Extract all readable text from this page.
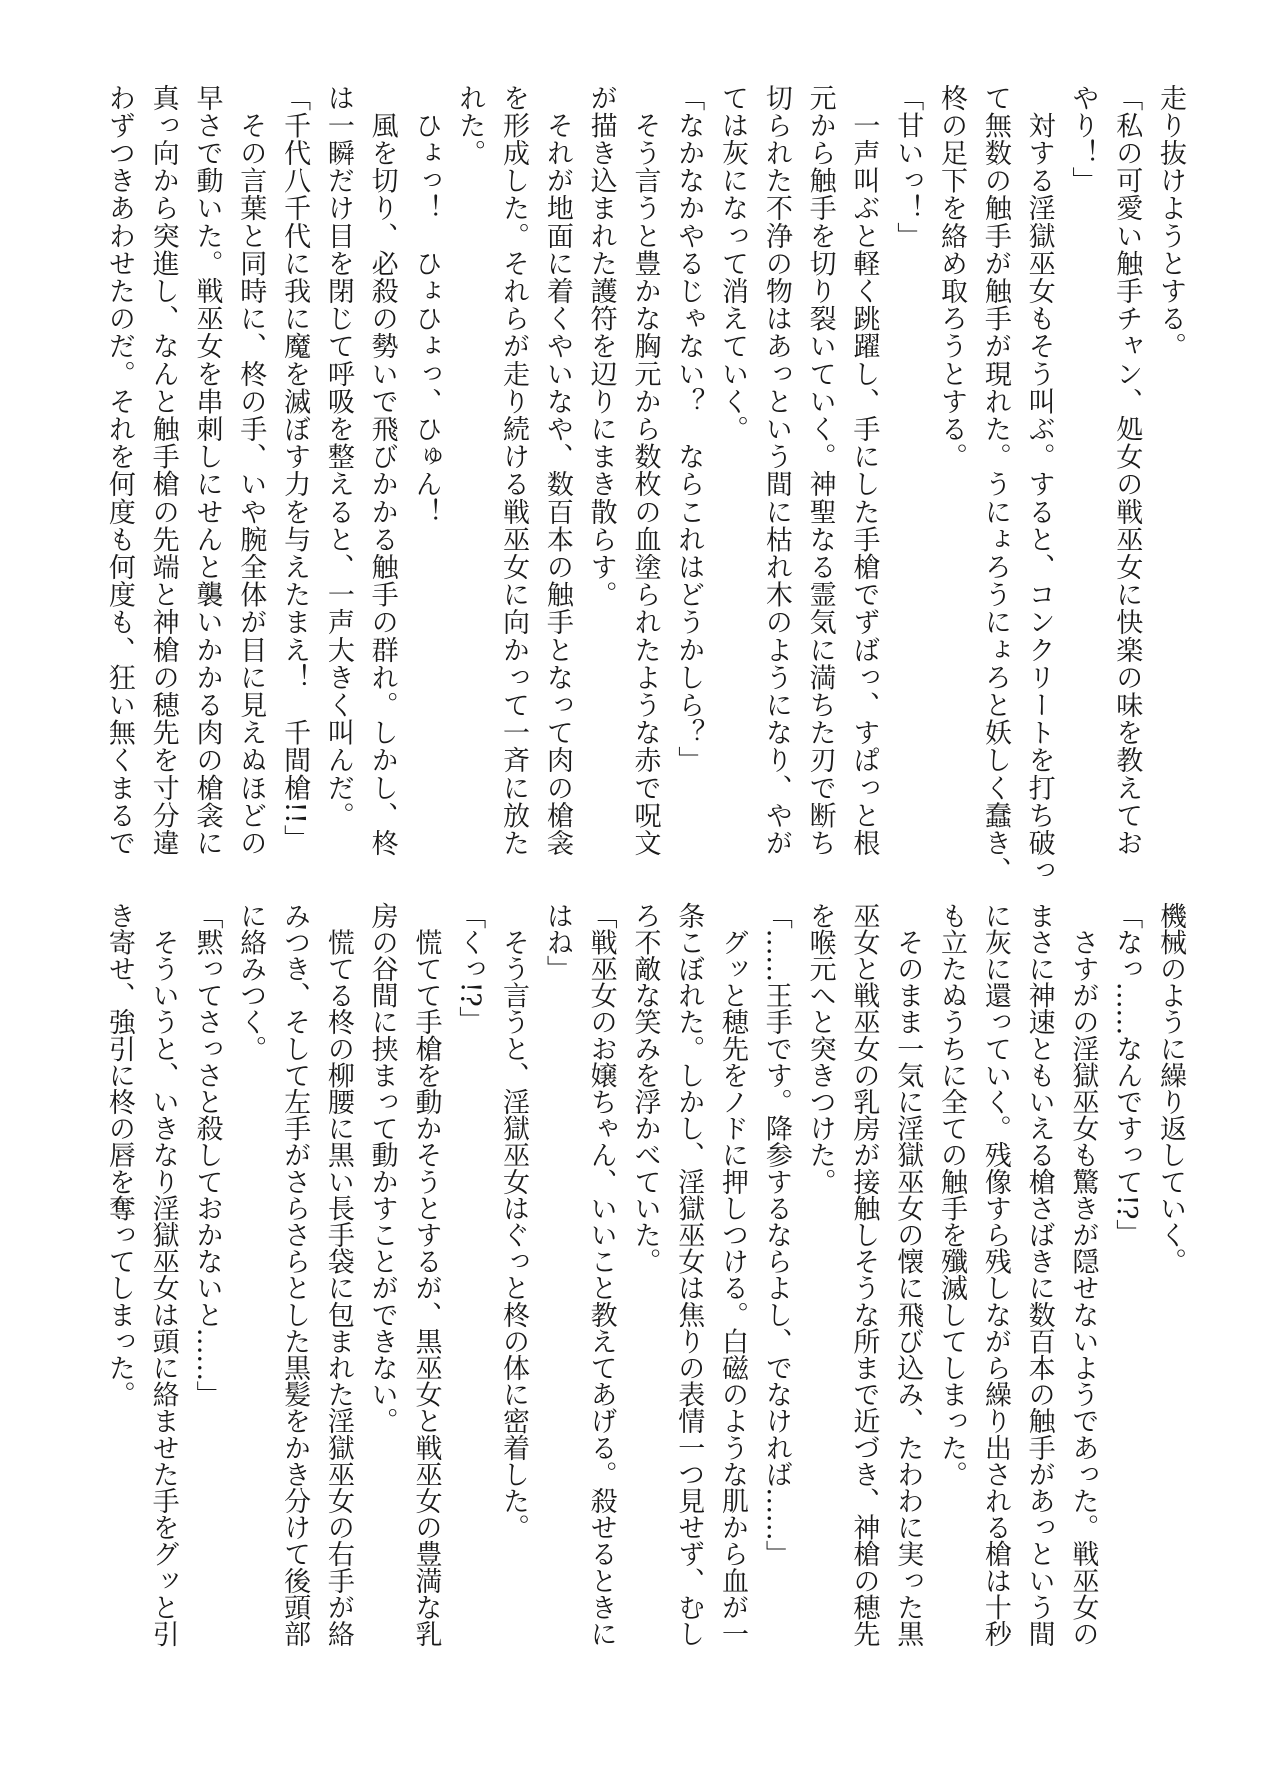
走り抜けようとする。
「私の可愛い触手チャン、処女の戦巫女に快楽の味を教えてお
やり！」
　対する淫獄巫女もそう叫ぶ。すると、コンクリートを打ち破っ
て無数の触手が触手が現れた。うにょろうにょろと妖しく蠢き、
柊の足下を絡め取ろうとする。
「甘いっ！」
　一声叫ぶと軽く跳躍し、手にした手槍でずばっ、すぱっと根
元から触手を切り裂いていく。神聖なる霊気に満ちた刃で断ち
切られた不浄の物はあっという間に枯れ木のようになり、やが
ては灰になって消えていく。
「なかなかやるじゃない？　ならこれはどうかしら？」
　そう言うと豊かな胸元から数枚の血塗られたような赤で呪文
が描き込まれた護符を辺りにまき散らす。
　それが地面に着くやいなや、数百本の触手となって肉の槍衾
を形成した。それらが走り続ける戦巫女に向かって一斉に放た
れた。
　ひょっ！　ひょひょっ、ひゅん！
　風を切り、必殺の勢いで飛びかかる触手の群れ。しかし、柊
は一瞬だけ目を閉じて呼吸を整えると、一声大きく叫んだ。
「千代八千代に我に魔を滅ぼす力を与えたまえ！　千間槍!!」
　その言葉と同時に、柊の手、いや腕全体が目に見えぬほどの
早さで動いた。戦巫女を串刺しにせんと襲いかかる肉の槍衾に
真っ向から突進し、なんと触手槍の先端と神槍の穂先を寸分違
わずつきあわせたのだ。それを何度も何度も、狂い無くまるで
機械のように繰り返していく。
「なっ……なんですって!?」
　さすがの淫獄巫女も驚きが隠せないようであった。戦巫女の
まさに神速ともいえる槍さばきに数百本の触手があっという間
に灰に還っていく。残像すら残しながら繰り出される槍は十秒
も立たぬうちに全ての触手を殲滅してしまった。
　そのまま一気に淫獄巫女の懐に飛び込み、たわわに実った黒
巫女と戦巫女の乳房が接触しそうな所まで近づき、神槍の穂先
を喉元へと突きつけた。
「……王手です。降参するならよし、でなければ……」
　グッと穂先をノドに押しつける。白磁のような肌から血が一
条こぼれた。しかし、淫獄巫女は焦りの表情一つ見せず、むし
ろ不敵な笑みを浮かべていた。
「戦巫女のお嬢ちゃん、いいこと教えてあげる。殺せるときに
はね」
　そう言うと、淫獄巫女はぐっと柊の体に密着した。
「くっ!?」
　慌てて手槍を動かそうとするが、黒巫女と戦巫女の豊満な乳
房の谷間に挟まって動かすことができない。
　慌てる柊の柳腰に黒い長手袋に包まれた淫獄巫女の右手が絡
みつき、そして左手がさらさらとした黒髪をかき分けて後頭部
に絡みつく。
「黙ってさっさと殺しておかないと……」
　そういうと、いきなり淫獄巫女は頭に絡ませた手をグッと引
き寄せ、強引に柊の唇を奪ってしまった。
